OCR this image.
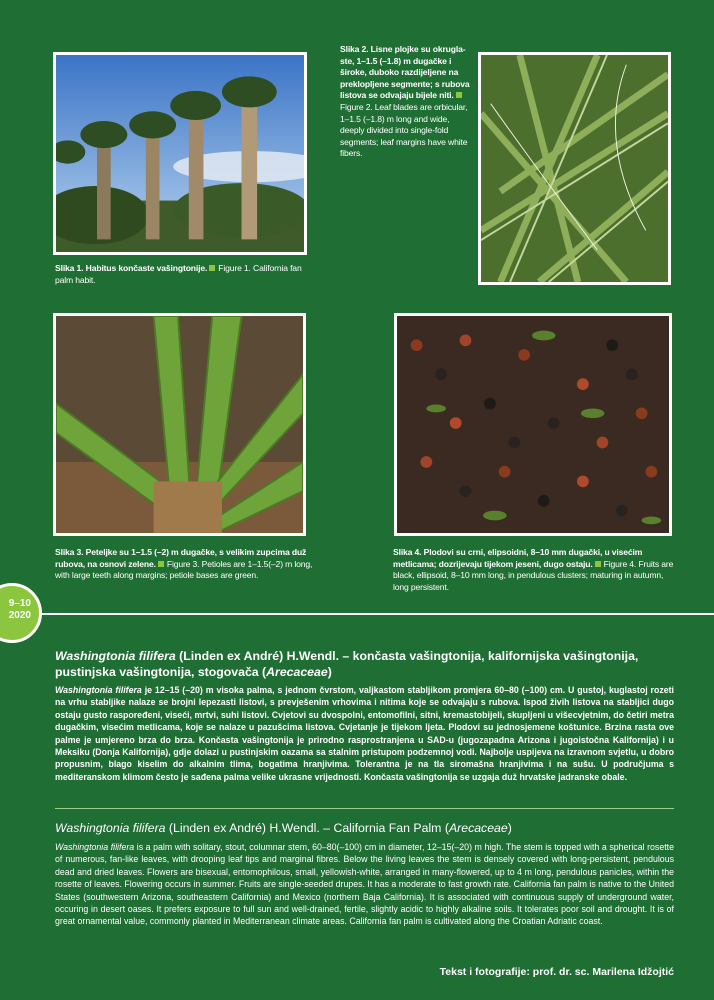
Slika 1. Habitus končaste vašingtonije. Figure 1. California fan palm habit.
Slika 2. Lisne plojke su okruglaste, 1–1.5 (–1.8) m dugačke i široke, duboko razdijeljene na preklopljene segmente; s rubova listova se odvajaju bijele niti.Figure 2. Leaf blades are orbicular, 1–1.5 (–1.8) m long and wide, deeply divided into single-fold segments; leaf margins have white fibers.
Slika 3. Peteljke su 1–1.5 (–2) m dugačke, s velikim zupcima duž rubova, na osnovi zelene. Figure 3. Petioles are 1–1.5(–2) m long, with large teeth along margins; petiole bases are green.
Slika 4. Plodovi su crni, elipsoidni, 8–10 mm dugački, u visećim metlicama; dozrijevaju tijekom jeseni, dugo ostaju. Figure 4. Fruits are black, ellipsoid, 8–10 mm long, in pendulous clusters; maturing in autumn, long persistent.
9–10
2020
Washingtonia filifera (Linden ex André) H.Wendl. – končasta vašingtonija, kalifornijska vašingtonija, pustinjska vašingtonija, stogovača (Arecaceae)
Washingtonia filifera je 12–15 (–20) m visoka palma, s jednom čvrstom, valjkastom stabljikom promjera 60–80 (–100) cm. U gustoj, kuglastoj rozeti na vrhu stabljike nalaze se brojni lepezasti listovi, s prevješenim vrhovima i nitima koje se odvajaju s rubova. Ispod živih listova na stabljici dugo ostaju gusto raspoređeni, viseći, mrtvi, suhi listovi. Cvjetovi su dvospolni, entomofilni, sitni, kremastobijeli, skupljeni u višecvjetnim, do četiri metra dugačkim, visećim metlicama, koje se nalaze u pazušcima listova. Cvjetanje je tijekom ljeta. Plodovi su jednosjemene koštunice. Brzina rasta ove palme je umjereno brza do brza. Končasta vašingtonija je prirodno rasprostranjena u SAD-u (jugozapadna Arizona i jugoistočna Kalifornija) i u Meksiku (Donja Kalifornija), gdje dolazi u pustinjskim oazama sa stalnim pristupom podzemnoj vodi. Najbolje uspijeva na izravnom svjetlu, u dobro propusnim, blago kiselim do alkalnim tlima, bogatima hranjivima. Tolerantna je na tla siromašna hranjivima i na sušu. U područjuma s mediteranskom klimom često je sađena palma velike ukrasne vrijednosti. Končasta vašingtonija se uzgaja duž hrvatske jadranske obale.
Washingtonia filifera (Linden ex André) H.Wendl. – California Fan Palm (Arecaceae)
Washingtonia filifera is a palm with solitary, stout, columnar stem, 60–80(–100) cm in diameter, 12–15(–20) m high. The stem is topped with a spherical rosette of numerous, fan-like leaves, with drooping leaf tips and marginal fibres. Below the living leaves the stem is densely covered with long-persistent, pendulous dead and dried leaves. Flowers are bisexual, entomophilous, small, yellowish-white, arranged in many-flowered, up to 4 m long, pendulous panicles, within the rosette of leaves. Flowering occurs in summer. Fruits are single-seeded drupes. It has a moderate to fast growth rate. California fan palm is native to the United States (southwestern Arizona, southeastern California) and Mexico (northern Baja California). It is associated with continuous supply of underground water, occuring in desert oases. It prefers exposure to full sun and well-drained, fertile, slightly acidic to highly alkaline soils. It tolerates poor soil and drought. It is of great ornamental value, commonly planted in Mediterranean climate areas. California fan palm is cultivated along the Croatian Adriatic coast.
Tekst i fotografije: prof. dr. sc. Marilena Idžojtić
